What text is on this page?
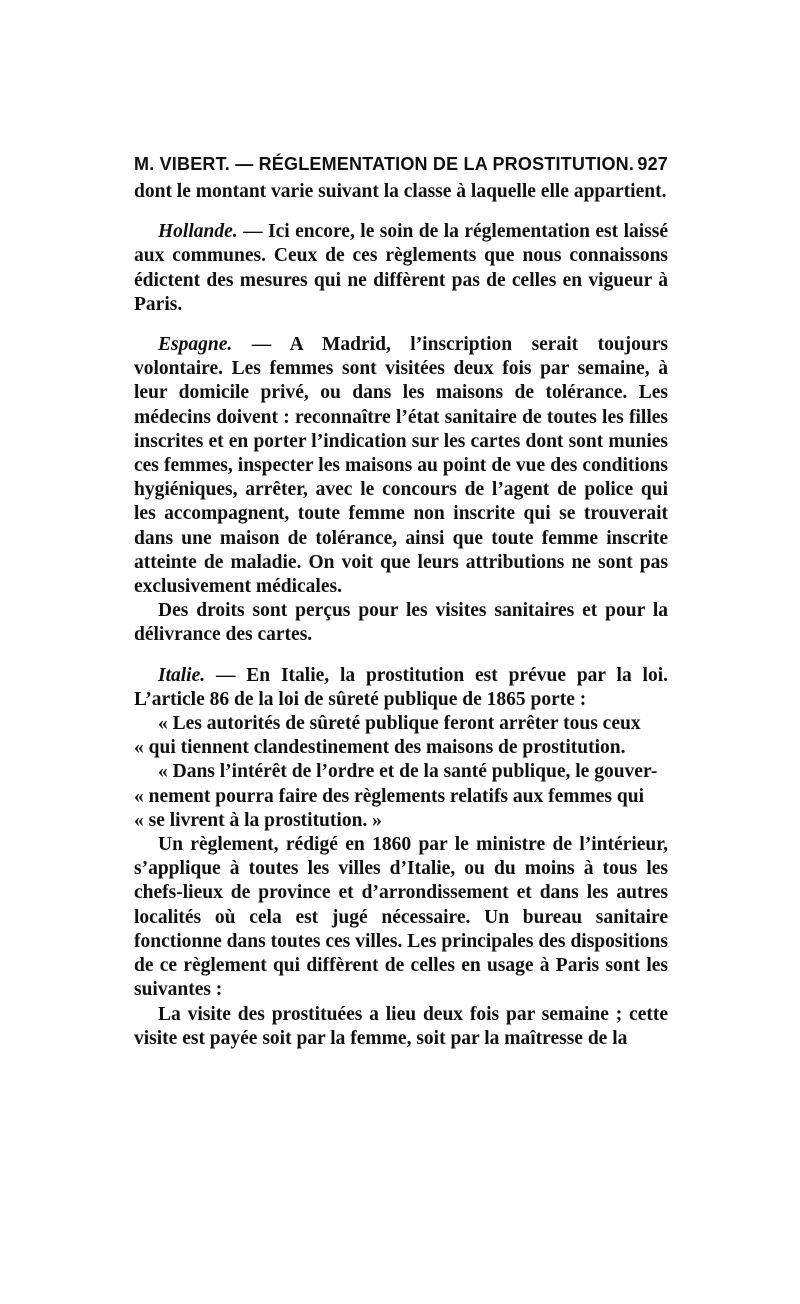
M. VIBERT. — RÉGLEMENTATION DE LA PROSTITUTION. 927

dont le montant varie suivant la classe à laquelle elle appartient.

Hollande. — Ici encore, le soin de la réglementation est laissé aux communes. Ceux de ces règlements que nous connaissons édictent des mesures qui ne diffèrent pas de celles en vigueur à Paris.

Espagne. — A Madrid, l’inscription serait toujours volontaire. Les femmes sont visitées deux fois par semaine, à leur domicile privé, ou dans les maisons de tolérance. Les médecins doivent : reconnaître l’état sanitaire de toutes les filles inscrites et en porter l’indication sur les cartes dont sont munies ces femmes, inspecter les maisons au point de vue des conditions hygiéniques, arrêter, avec le concours de l’agent de police qui les accompagnent, toute femme non inscrite qui se trouverait dans une maison de tolérance, ainsi que toute femme inscrite atteinte de maladie. On voit que leurs attributions ne sont pas exclusivement médicales.

Des droits sont perçus pour les visites sanitaires et pour la délivrance des cartes.

Italie. — En Italie, la prostitution est prévue par la loi. L’article 86 de la loi de sûreté publique de 1865 porte :

« Les autorités de sûreté publique feront arrêter tous ceux
« qui tiennent clandestinement des maisons de prostitution.

« Dans l’intérêt de l’ordre et de la santé publique, le gouver-
« nement pourra faire des règlements relatifs aux femmes qui
« se livrent à la prostitution. »

Un règlement, rédigé en 1860 par le ministre de l’intérieur, s’applique à toutes les villes d’Italie, ou du moins à tous les chefs-lieux de province et d’arrondissement et dans les autres localités où cela est jugé nécessaire. Un bureau sanitaire fonctionne dans toutes ces villes. Les principales des dispositions de ce règlement qui diffèrent de celles en usage à Paris sont les suivantes :

La visite des prostituées a lieu deux fois par semaine ; cette visite est payée soit par la femme, soit par la maîtresse de la
